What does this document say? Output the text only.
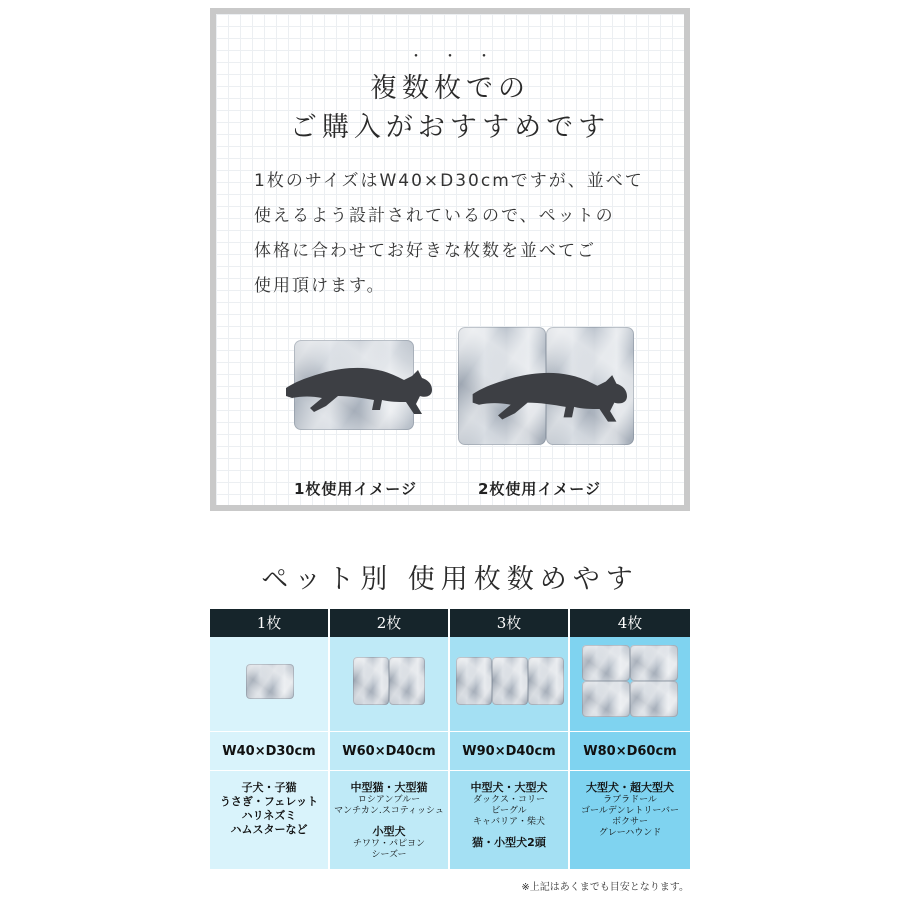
・・・
複数枚での
ご購入がおすすめです
1枚のサイズはW40×D30cmですが、並べて
使えるよう設計されているので、ペットの
体格に合わせてお好きな枚数を並べてご
使用頂けます。
1枚使用イメージ	2枚使用イメージ
ペット別 使用枚数めやす
1枚
W40×D30cm
子犬・子猫
うさぎ・フェレット
ハリネズミ
ハムスターなど
2枚
W60×D40cm
中型猫・大型猫
ロシアンブルー
マンチカン.スコティッシュ
小型犬
チワワ・パピヨン
シーズー
3枚
W90×D40cm
中型犬・大型犬
ダックス・コリー
ビーグル
キャバリア・柴犬
猫・小型犬2頭
4枚
W80×D60cm
大型犬・超大型犬
ラブラドール
ゴールデンレトリーバー
ボクサー
グレーハウンド
※上記はあくまでも目安となります。
